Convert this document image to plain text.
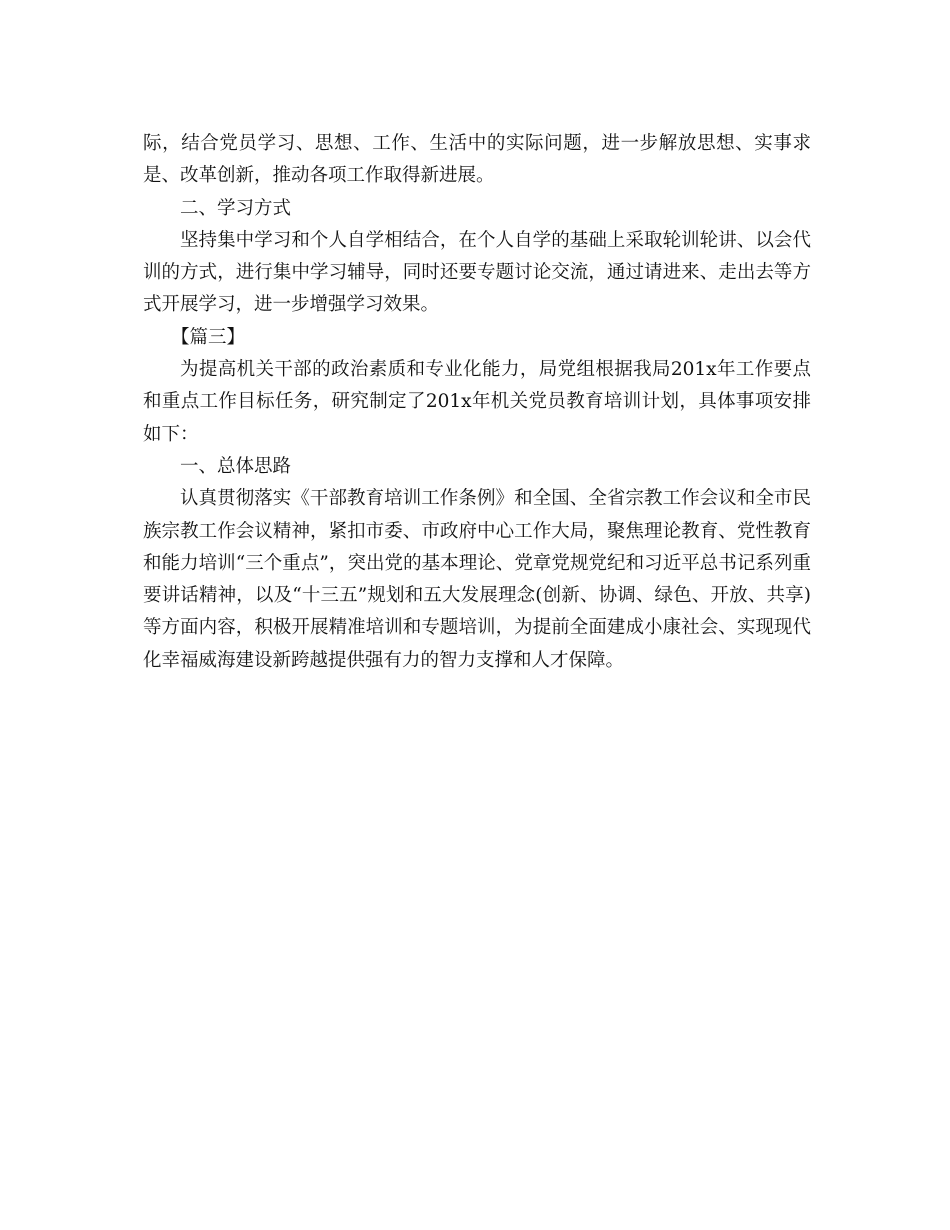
际，结合党员学习、思想、工作、生活中的实际问题，进一步解放思想、实事求是、改革创新，推动各项工作取得新进展。

二、学习方式

坚持集中学习和个人自学相结合，在个人自学的基础上采取轮训轮讲、以会代训的方式，进行集中学习辅导，同时还要专题讨论交流，通过请进来、走出去等方式开展学习，进一步增强学习效果。

【篇三】

为提高机关干部的政治素质和专业化能力，局党组根据我局201x年工作要点和重点工作目标任务，研究制定了201x年机关党员教育培训计划，具体事项安排如下：

一、总体思路

认真贯彻落实《干部教育培训工作条例》和全国、全省宗教工作会议和全市民族宗教工作会议精神，紧扣市委、市政府中心工作大局，聚焦理论教育、党性教育和能力培训“三个重点”，突出党的基本理论、党章党规党纪和习近平总书记系列重要讲话精神，以及“十三五”规划和五大发展理念(创新、协调、绿色、开放、共享)等方面内容，积极开展精准培训和专题培训，为提前全面建成小康社会、实现现代化幸福威海建设新跨越提供强有力的智力支撑和人才保障。
